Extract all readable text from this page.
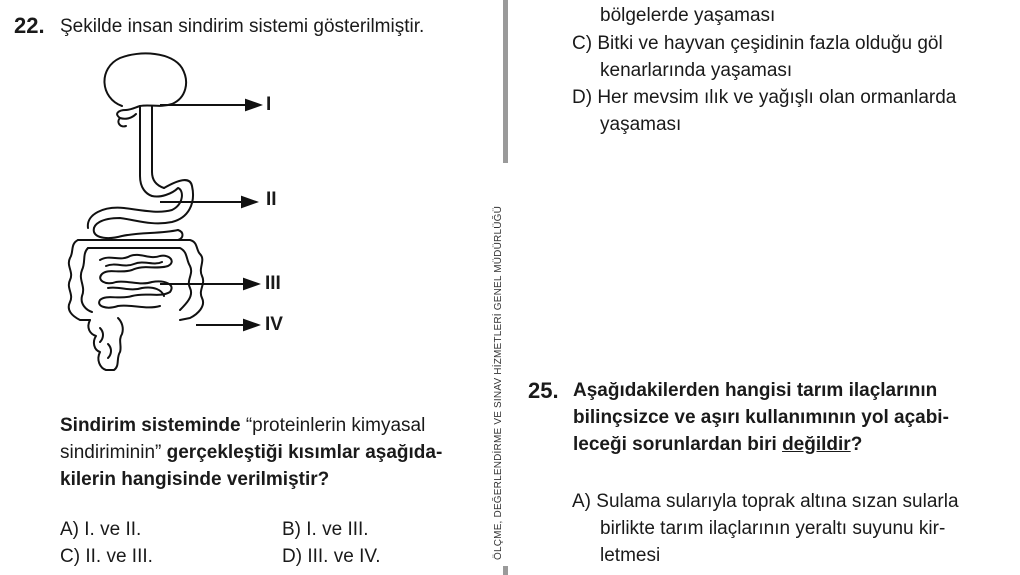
22. Şekilde insan sindirim sistemi gösterilmiştir.
I
II
III
IV
Sindirim sisteminde “proteinlerin kimyasal
sindiriminin” gerçekleştiği kısımlar aşağıda-
kilerin hangisinde verilmiştir?
A) I. ve II.	B) I. ve III.
C) II. ve III.	D) III. ve IV.	ÖLÇME, DEĞERLENDİRME VE SINAV HİZMETLERİ GENEL MÜDÜRLÜĞÜ
bölgelerde yaşaması
C) Bitki ve hayvan çeşidinin fazla olduğu göl
kenarlarında yaşaması
D) Her mevsim ılık ve yağışlı olan ormanlarda
yaşaması
25. Aşağıdakilerden hangisi tarım ilaçlarının
bilinçsizce ve aşırı kullanımının yol açabi-
leceği sorunlardan biri değildir?
A) Sulama sularıyla toprak altına sızan sularla
birlikte tarım ilaçlarının yeraltı suyunu kir-
letmesi
